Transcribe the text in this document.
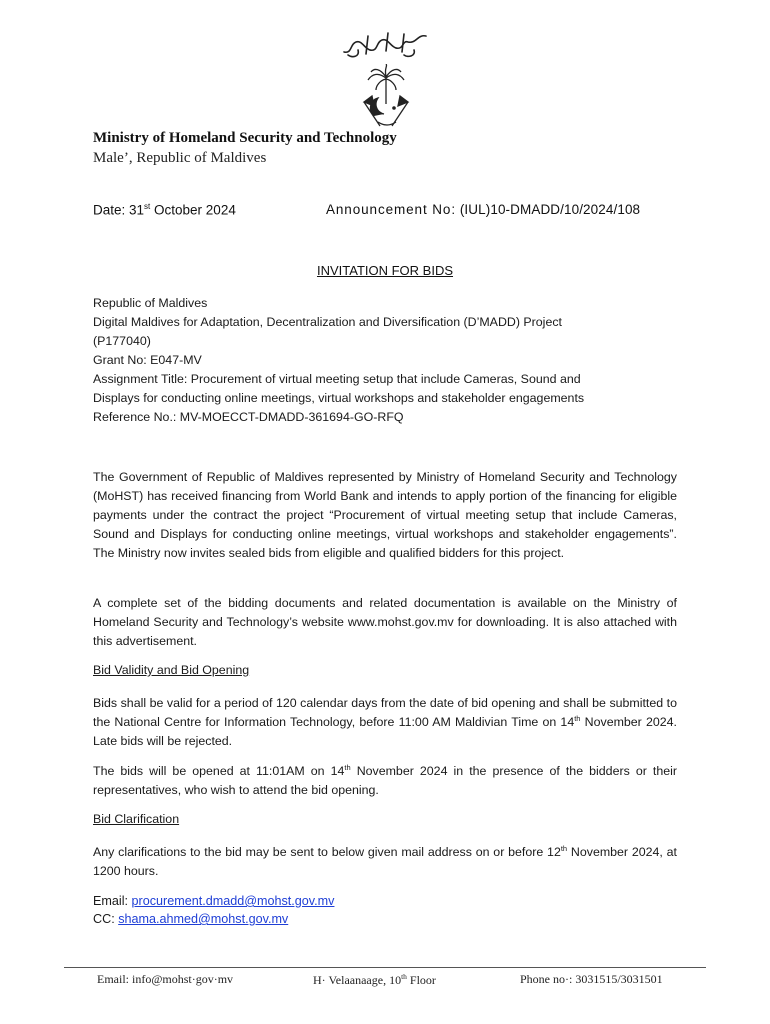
Ministry of Homeland Security and Technology
Male’, Republic of Maldives
Date: 31st October 2024	Announcement No: (IUL)10-DMADD/10/2024/108
INVITATION FOR BIDS
Republic of Maldives
Digital Maldives for Adaptation, Decentralization and Diversification (D’MADD) Project
(P177040)
Grant No: E047-MV
Assignment Title: Procurement of virtual meeting setup that include Cameras, Sound and
Displays for conducting online meetings, virtual workshops and stakeholder engagements
Reference No.: MV-MOECCT-DMADD-361694-GO-RFQ
The Government of Republic of Maldives represented by Ministry of Homeland Security and Technology (MoHST) has received financing from World Bank and intends to apply portion of the financing for eligible payments under the contract the project “Procurement of virtual meeting setup that include Cameras, Sound and Displays for conducting online meetings, virtual workshops and stakeholder engagements”. The Ministry now invites sealed bids from eligible and qualified bidders for this project.
A complete set of the bidding documents and related documentation is available on the Ministry of Homeland Security and Technology’s website www.mohst.gov.mv for downloading. It is also attached with this advertisement.
Bid Validity and Bid Opening
Bids shall be valid for a period of 120 calendar days from the date of bid opening and shall be submitted to the National Centre for Information Technology, before 11:00 AM Maldivian Time on 14th November 2024. Late bids will be rejected.
The bids will be opened at 11:01AM on 14th November 2024 in the presence of the bidders or their representatives, who wish to attend the bid opening.
Bid Clarification
Any clarifications to the bid may be sent to below given mail address on or before 12th November 2024, at 1200 hours.
Email: procurement.dmadd@mohst.gov.mv
CC: shama.ahmed@mohst.gov.mv
Email: info@mohst·gov·mv	H· Velaanaage, 10th Floor	Phone no·: 3031515/3031501
